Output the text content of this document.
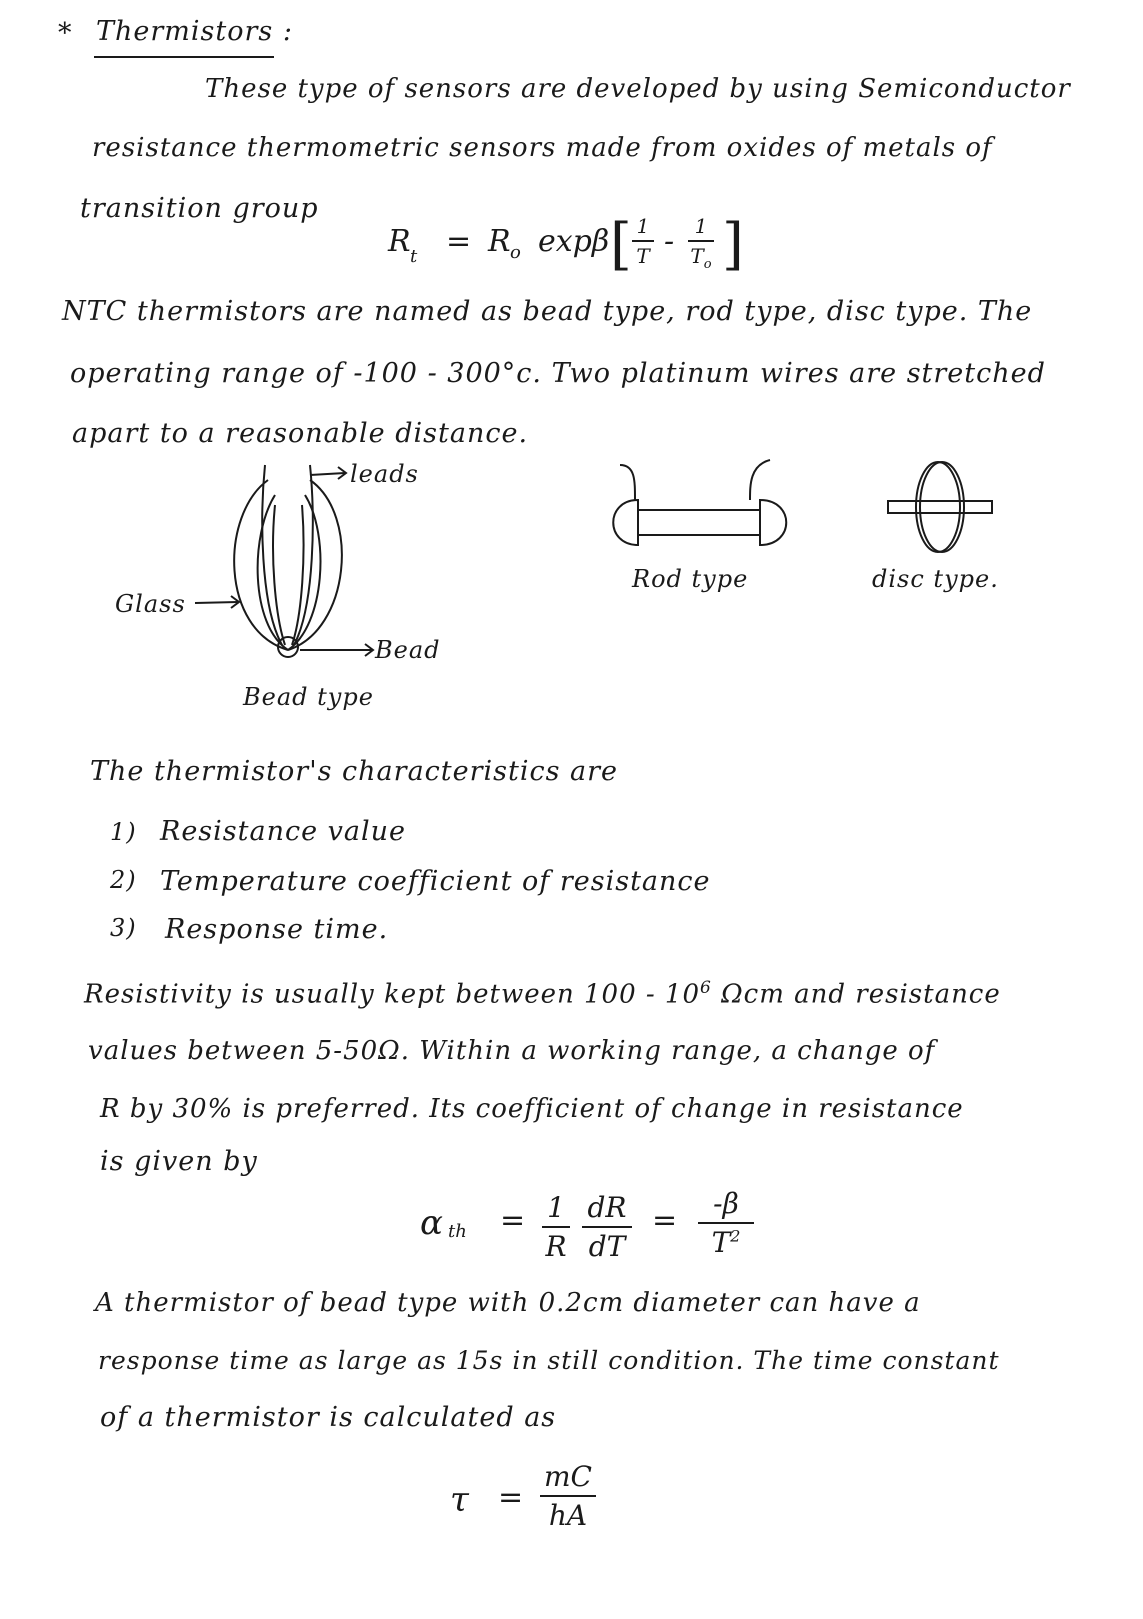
* Thermistors :
These type of sensors are developed by using Semiconductor
resistance thermometric sensors made from oxides of metals of
transition group
R t = R o expβ [ 1
T - 1
$T_o$ ]
NTC thermistors are named as bead type, rod type, disc type. The
operating range of -100 - 300°c. Two platinum wires are stretched
apart to a reasonable distance.
leads
Glass
Bead
Bead type
Rod type	disc type.
The thermistor's characteristics are
1) Resistance value
2) Temperature coefficient of resistance
3) Response time.
Resistivity is usually kept between $100 - 10^6$ Ωcm and resistance
values between 5-50Ω. Within a working range, a change of
R by 30% is preferred. Its coefficient of change in resistance
is given by
α th = 1
R
dR
dT
= -β
$T^2$
A thermistor of bead type with 0.2cm diameter can have a
response time as large as 15s in still condition. The time constant
of a thermistor is calculated as
τ =
mC
hA
